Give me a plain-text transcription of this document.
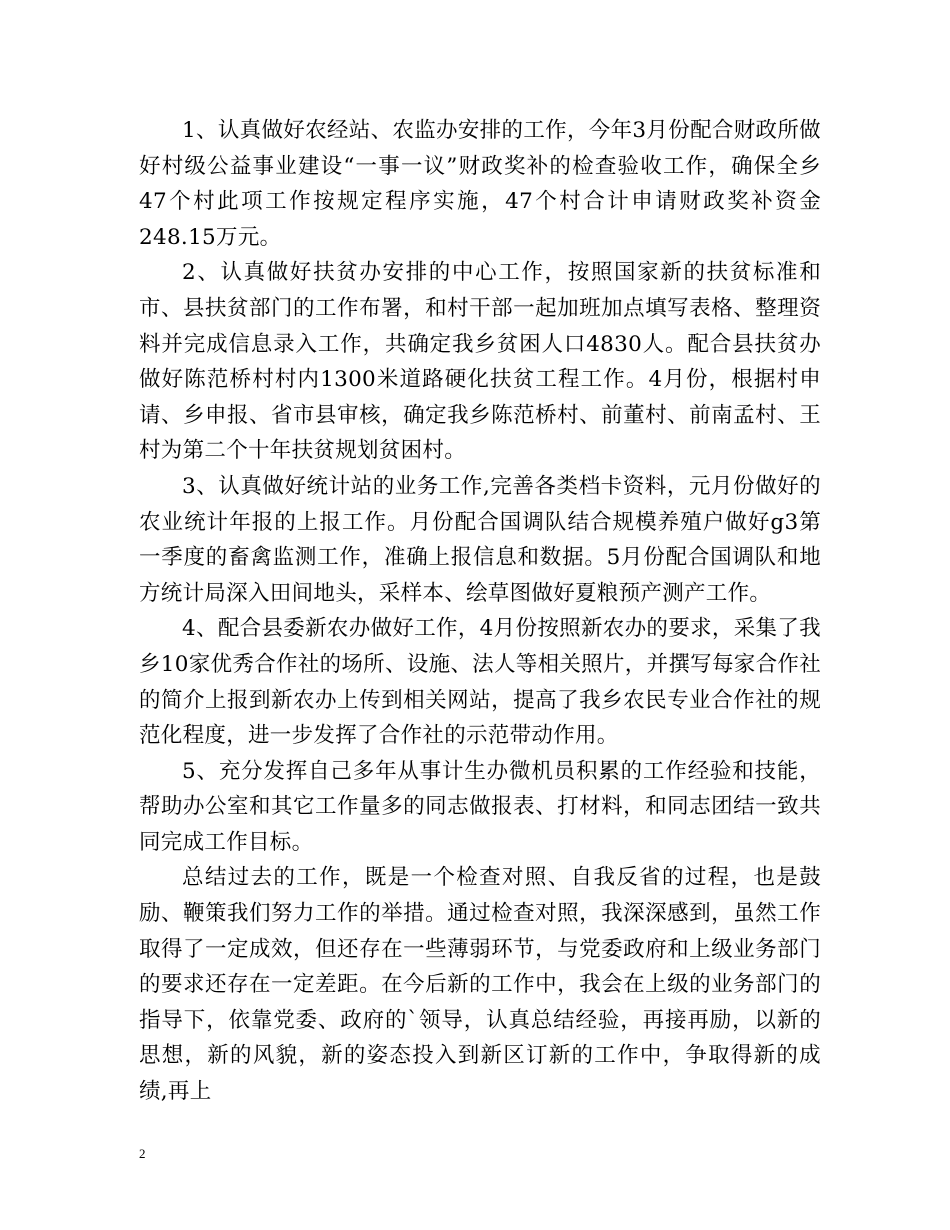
1、认真做好农经站、农监办安排的工作，今年3月份配合财政所做好村级公益事业建设“一事一议”财政奖补的检查验收工作，确保全乡47个村此项工作按规定程序实施，47个村合计申请财政奖补资金248.15万元。

2、认真做好扶贫办安排的中心工作，按照国家新的扶贫标准和市、县扶贫部门的工作布署，和村干部一起加班加点填写表格、整理资料并完成信息录入工作，共确定我乡贫困人口4830人。配合县扶贫办做好陈范桥村村内1300米道路硬化扶贫工程工作。4月份，根据村申请、乡申报、省市县审核，确定我乡陈范桥村、前董村、前南孟村、王村为第二个十年扶贫规划贫困村。

3、认真做好统计站的业务工作,完善各类档卡资料，元月份做好的农业统计年报的上报工作。月份配合国调队结合规模养殖户做好g3第一季度的畜禽监测工作，准确上报信息和数据。5月份配合国调队和地方统计局深入田间地头，采样本、绘草图做好夏粮预产测产工作。

4、配合县委新农办做好工作，4月份按照新农办的要求，采集了我乡10家优秀合作社的场所、设施、法人等相关照片，并撰写每家合作社的简介上报到新农办上传到相关网站，提高了我乡农民专业合作社的规范化程度，进一步发挥了合作社的示范带动作用。

5、充分发挥自己多年从事计生办微机员积累的工作经验和技能，帮助办公室和其它工作量多的同志做报表、打材料，和同志团结一致共同完成工作目标。

总结过去的工作，既是一个检查对照、自我反省的过程，也是鼓励、鞭策我们努力工作的举措。通过检查对照，我深深感到，虽然工作取得了一定成效，但还存在一些薄弱环节，与党委政府和上级业务部门的要求还存在一定差距。在今后新的工作中，我会在上级的业务部门的指导下，依靠党委、政府的`领导，认真总结经验，再接再励，以新的思想，新的风貌，新的姿态投入到新区订新的工作中，争取得新的成绩,再上

2
